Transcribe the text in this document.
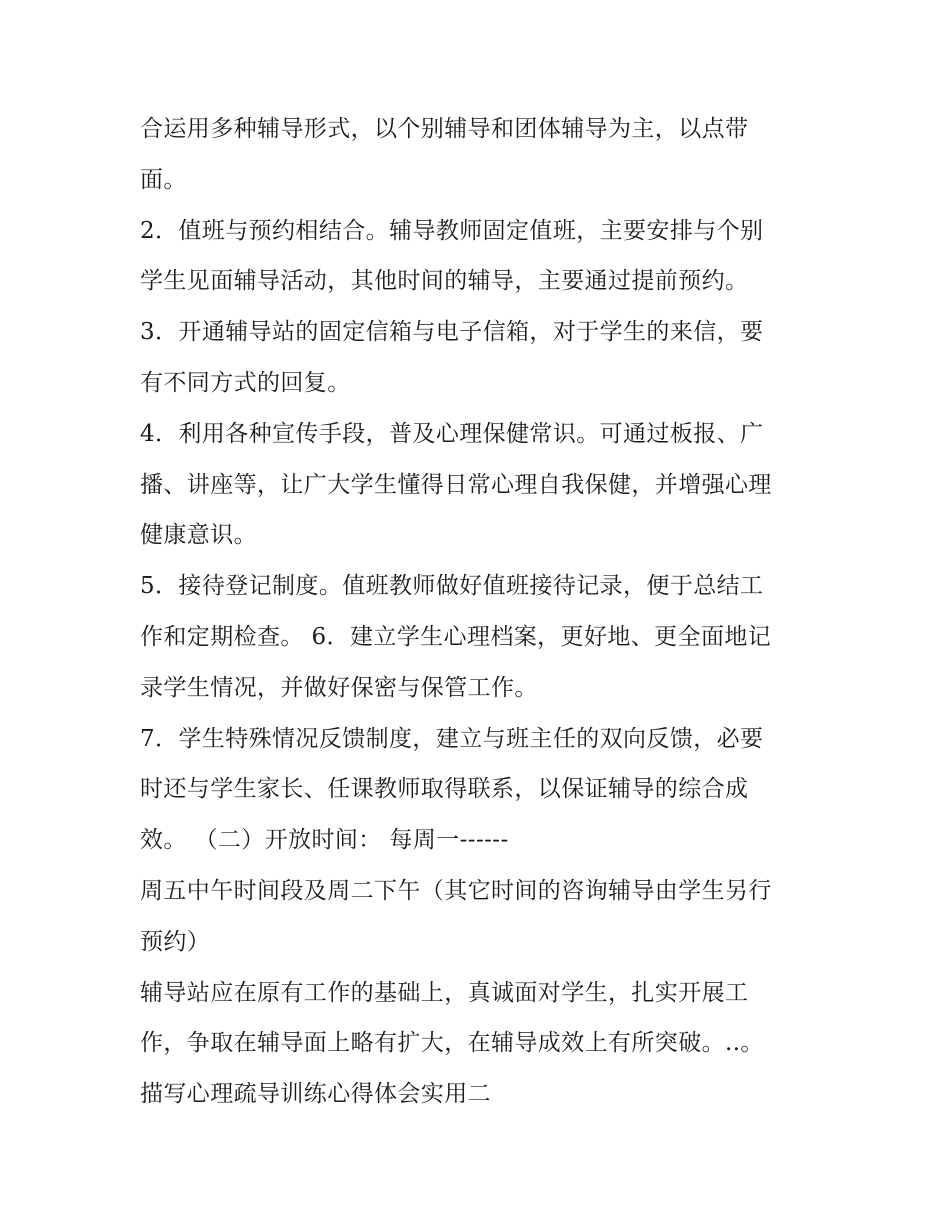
合运用多种辅导形式，以个别辅导和团体辅导为主，以点带
面。
2．值班与预约相结合。辅导教师固定值班，主要安排与个别
学生见面辅导活动，其他时间的辅导，主要通过提前预约。
3．开通辅导站的固定信箱与电子信箱，对于学生的来信，要
有不同方式的回复。
4．利用各种宣传手段，普及心理保健常识。可通过板报、广
播、讲座等，让广大学生懂得日常心理自我保健，并增强心理
健康意识。
5．接待登记制度。值班教师做好值班接待记录，便于总结工
作和定期检查。 6．建立学生心理档案，更好地、更全面地记
录学生情况，并做好保密与保管工作。
7．学生特殊情况反馈制度，建立与班主任的双向反馈，必要
时还与学生家长、任课教师取得联系，以保证辅导的综合成
效。 （二）开放时间： 每周一------
周五中午时间段及周二下午（其它时间的咨询辅导由学生另行
预约）
辅导站应在原有工作的基础上，真诚面对学生，扎实开展工
作，争取在辅导面上略有扩大，在辅导成效上有所突破。..。
描写心理疏导训练心得体会实用二
